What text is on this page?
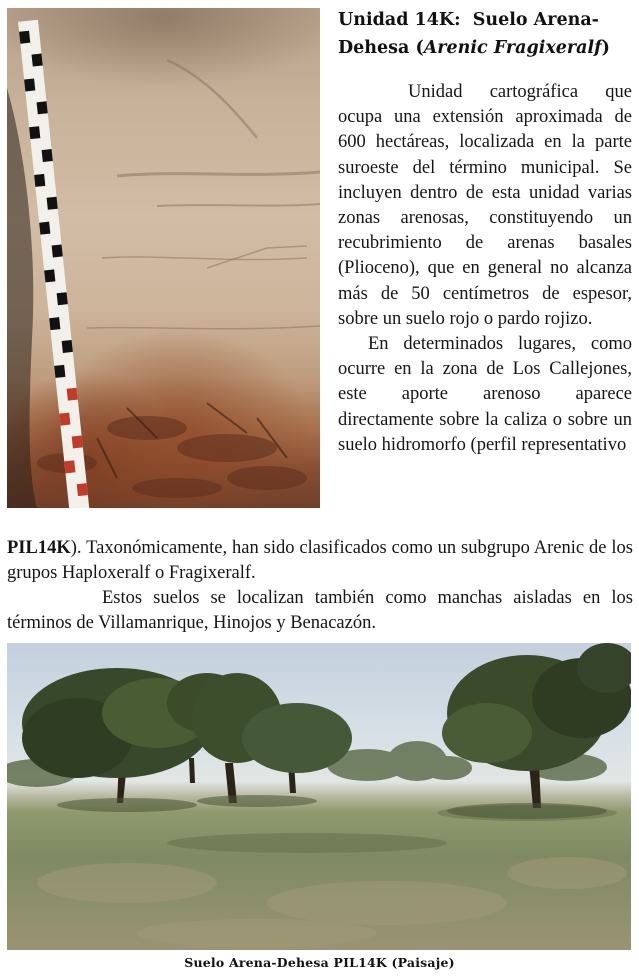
Unidad 14K: Suelo Arena-
Dehesa (Arenic Fragixeralf)

Unidad cartográfica que ocupa una extensión aproximada de 600 hectáreas, localizada en la parte suroeste del término municipal. Se incluyen dentro de esta unidad varias zonas arenosas, constituyendo un recubrimiento de arenas basales (Plioceno), que en general no alcanza más de 50 centímetros de espesor, sobre un suelo rojo o pardo rojizo.

En determinados lugares, como ocurre en la zona de Los Callejones, este aporte arenoso aparece directamente sobre la caliza o sobre un suelo hidromorfo (perfil representativo

PIL14K). Taxonómicamente, han sido clasificados como un subgrupo Arenic de los grupos Haploxeralf o Fragixeralf.

Estos suelos se localizan también como manchas aisladas en los términos de Villamanrique, Hinojos y Benacazón.

Suelo Arena-Dehesa PIL14K (Paisaje)
